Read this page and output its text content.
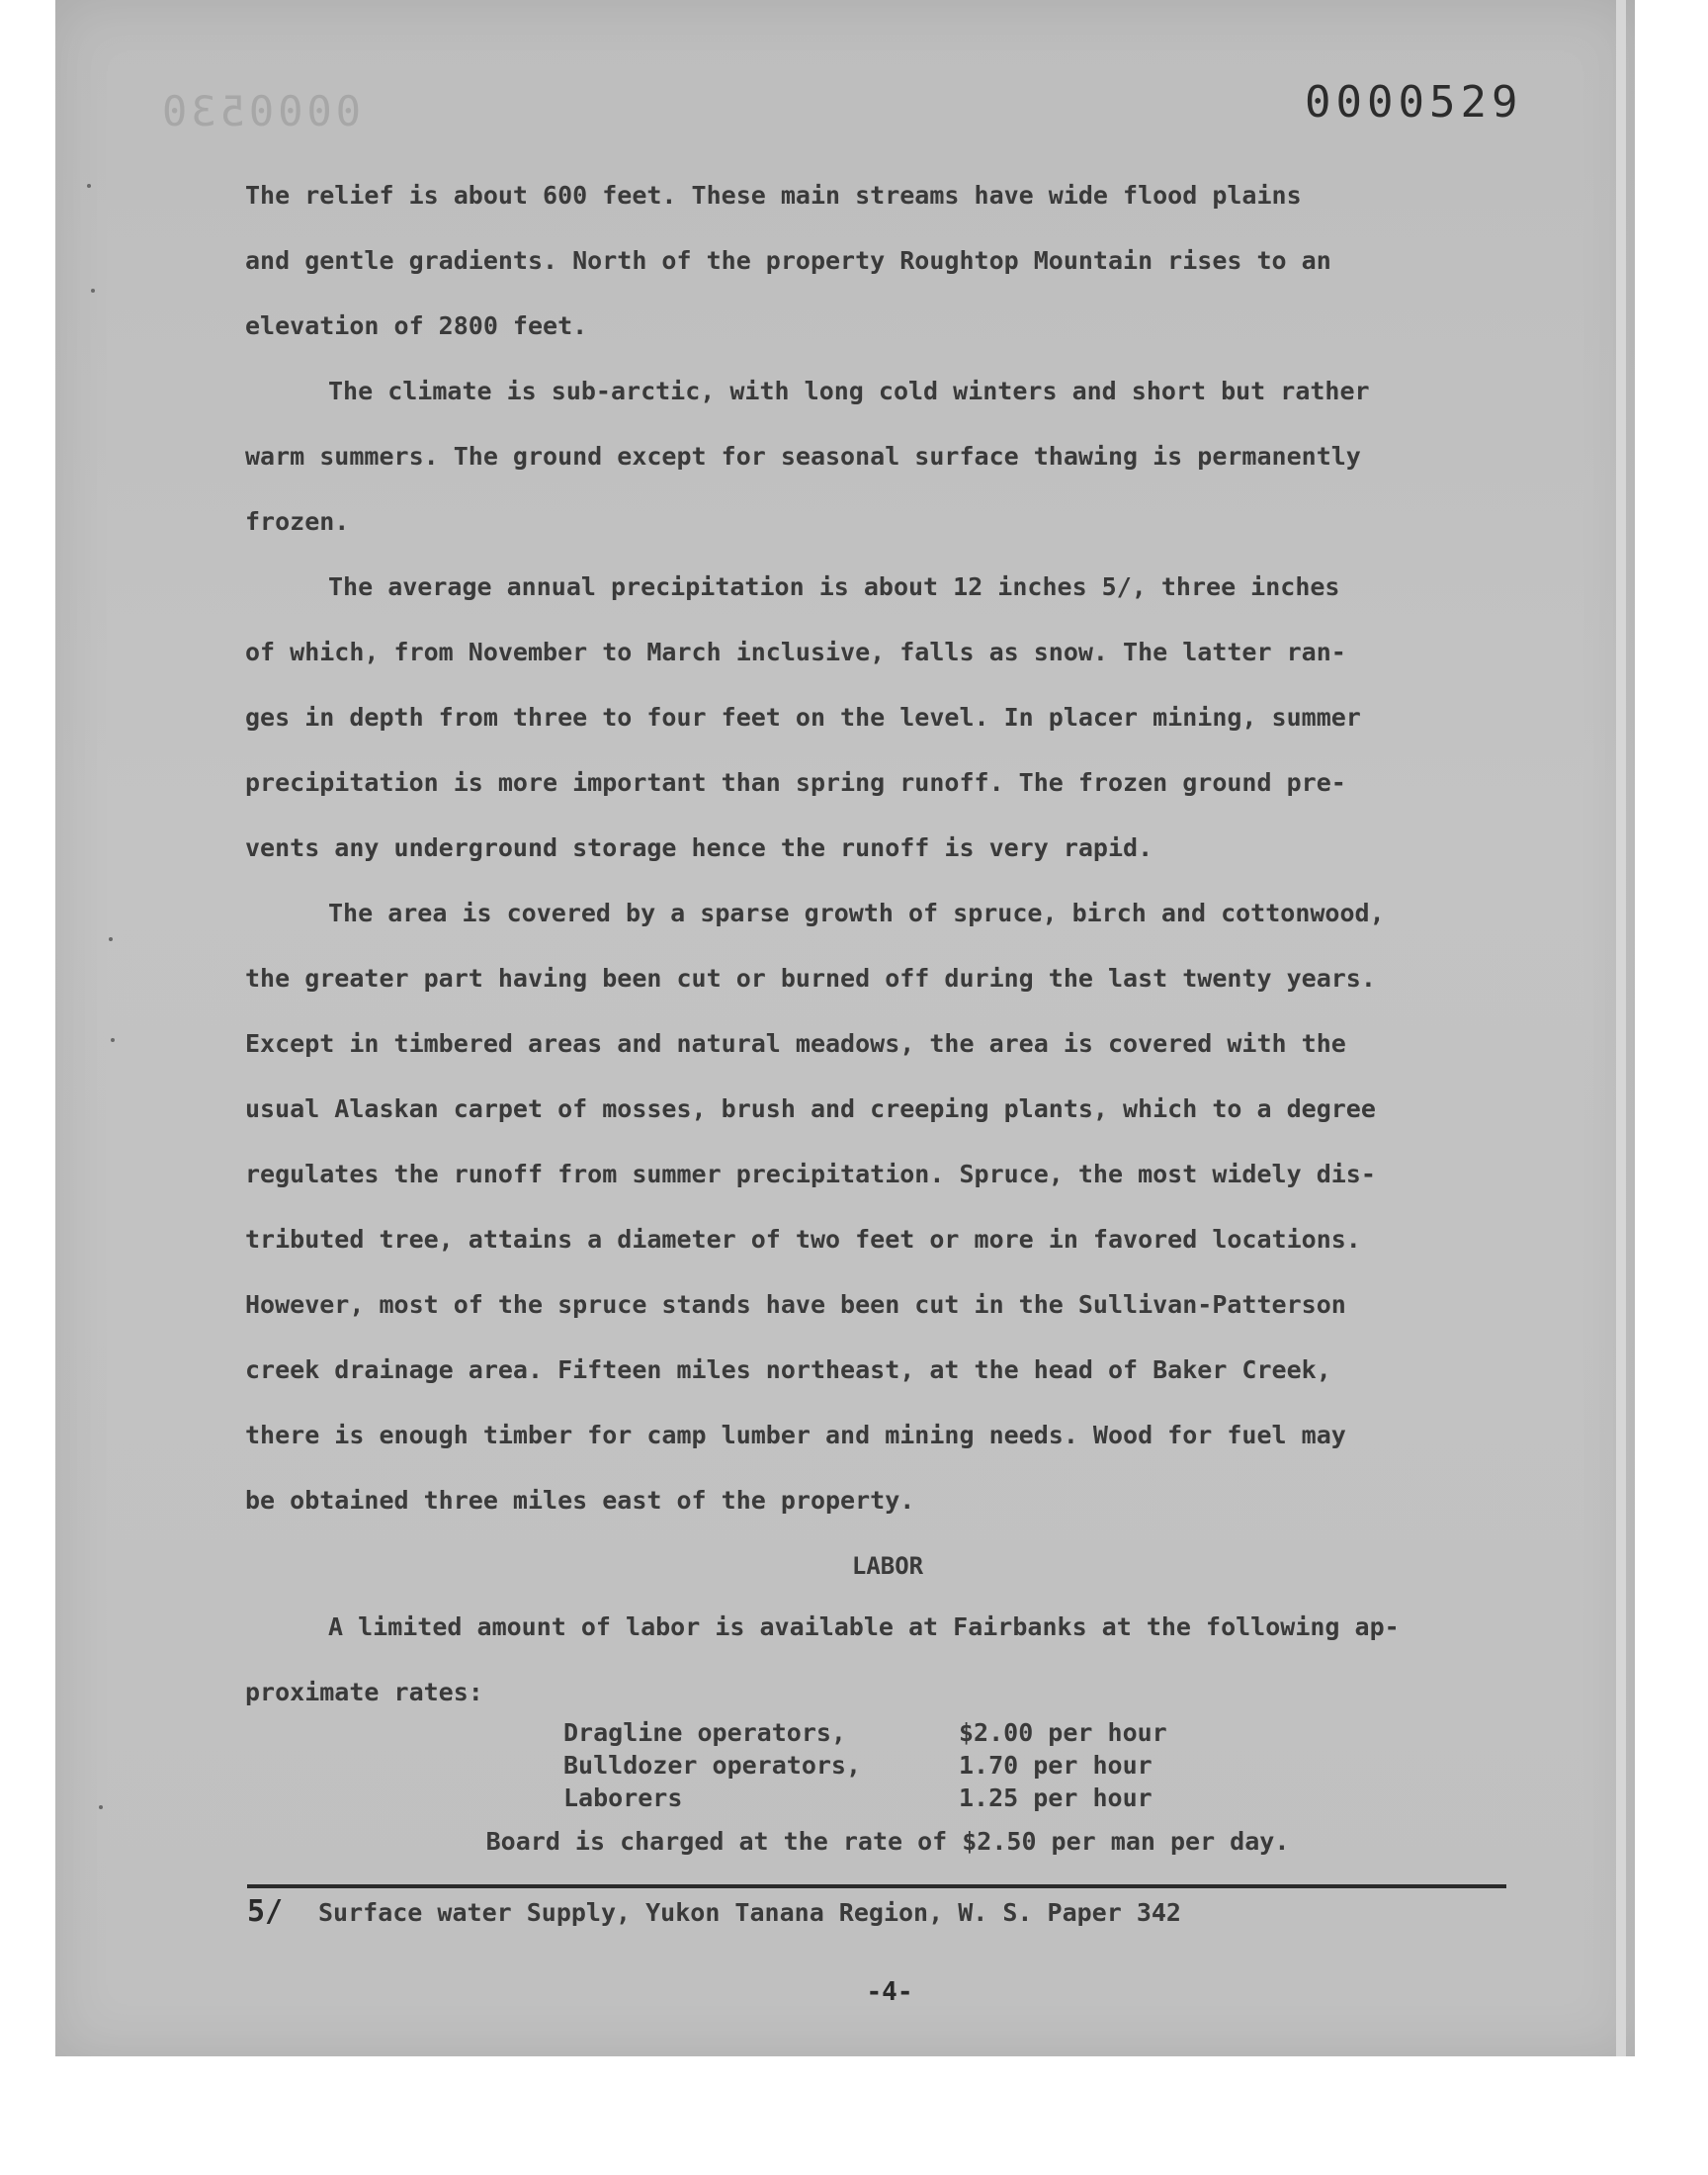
0000530	0000529
The relief is about 600 feet. These main streams have wide flood plains
and gentle gradients. North of the property Roughtop Mountain rises to an
elevation of 2800 feet.
The climate is sub-arctic, with long cold winters and short but rather
warm summers. The ground except for seasonal surface thawing is permanently
frozen.
The average annual precipitation is about 12 inches 5/, three inches
of which, from November to March inclusive, falls as snow. The latter ran-
ges in depth from three to four feet on the level. In placer mining, summer
precipitation is more important than spring runoff. The frozen ground pre-
vents any underground storage hence the runoff is very rapid.
The area is covered by a sparse growth of spruce, birch and cottonwood,
the greater part having been cut or burned off during the last twenty years.
Except in timbered areas and natural meadows, the area is covered with the
usual Alaskan carpet of mosses, brush and creeping plants, which to a degree
regulates the runoff from summer precipitation. Spruce, the most widely dis-
tributed tree, attains a diameter of two feet or more in favored locations.
However, most of the spruce stands have been cut in the Sullivan-Patterson
creek drainage area. Fifteen miles northeast, at the head of Baker Creek,
there is enough timber for camp lumber and mining needs. Wood for fuel may
be obtained three miles east of the property.
LABOR
A limited amount of labor is available at Fairbanks at the following ap-
proximate rates:
Dragline operators,	$2.00 per hour
Bulldozer operators,	1.70 per hour
Laborers	1.25 per hour
Board is charged at the rate of $2.50 per man per day.
5/ Surface water Supply, Yukon Tanana Region, W. S. Paper 342
-4-
